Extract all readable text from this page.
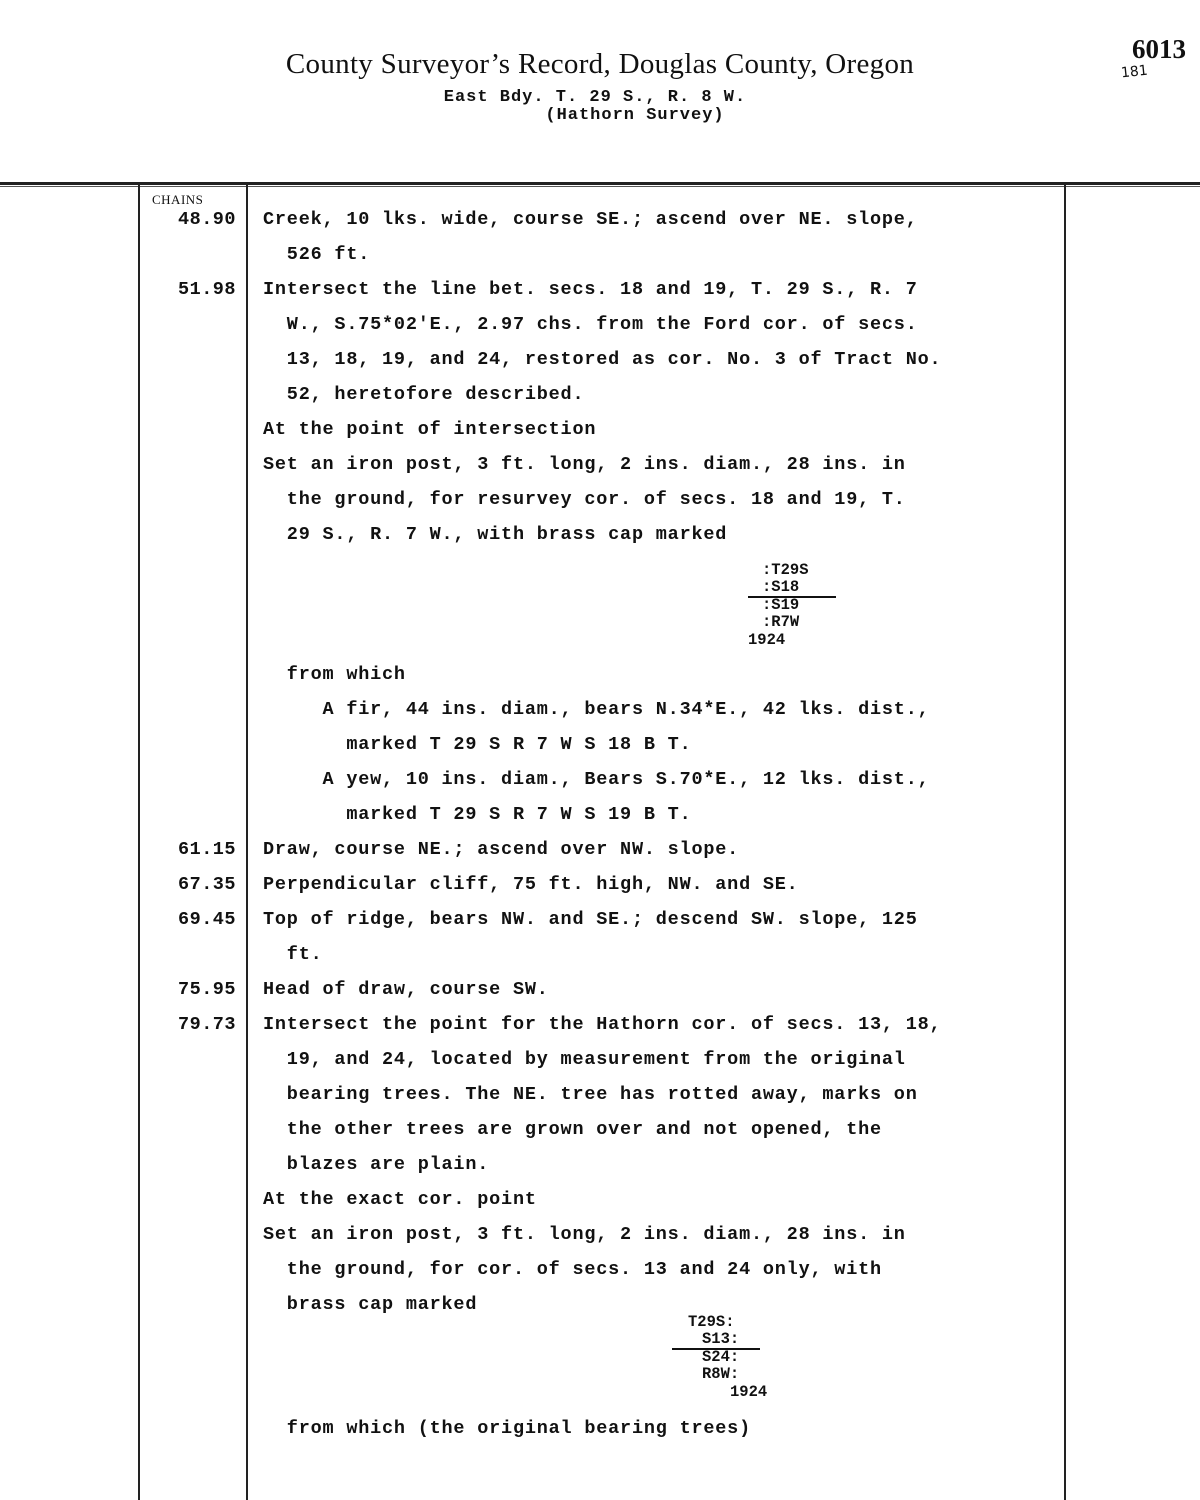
County Surveyor’s Record, Douglas County, Oregon
East Bdy. T. 29 S., R. 8 W.
(Hathorn Survey)
6013
181
CHAINS
48.90 Creek, 10 lks. wide, course SE.; ascend over NE. slope,
526 ft.
51.98 Intersect the line bet. secs. 18 and 19, T. 29 S., R. 7
W., S.75*02'E., 2.97 chs. from the Ford cor. of secs.
13, 18, 19, and 24, restored as cor. No. 3 of Tract No.
52, heretofore described.
At the point of intersection
Set an iron post, 3 ft. long, 2 ins. diam., 28 ins. in
the ground, for resurvey cor. of secs. 18 and 19, T.
29 S., R. 7 W., with brass cap marked
:T29S
:S18
:S19
:R7W
1924
from which
A fir, 44 ins. diam., bears N.34*E., 42 lks. dist.,
marked T 29 S R 7 W S 18 B T.
A yew, 10 ins. diam., Bears S.70*E., 12 lks. dist.,
marked T 29 S R 7 W S 19 B T.
61.15 Draw, course NE.; ascend over NW. slope.
67.35 Perpendicular cliff, 75 ft. high, NW. and SE.
69.45 Top of ridge, bears NW. and SE.; descend SW. slope, 125
ft.
75.95 Head of draw, course SW.
79.73 Intersect the point for the Hathorn cor. of secs. 13, 18,
19, and 24, located by measurement from the original
bearing trees. The NE. tree has rotted away, marks on
the other trees are grown over and not opened, the
blazes are plain.
At the exact cor. point
Set an iron post, 3 ft. long, 2 ins. diam., 28 ins. in
the ground, for cor. of secs. 13 and 24 only, with
brass cap marked
T29S:
S13:
S24:
R8W:
1924
from which (the original bearing trees)
